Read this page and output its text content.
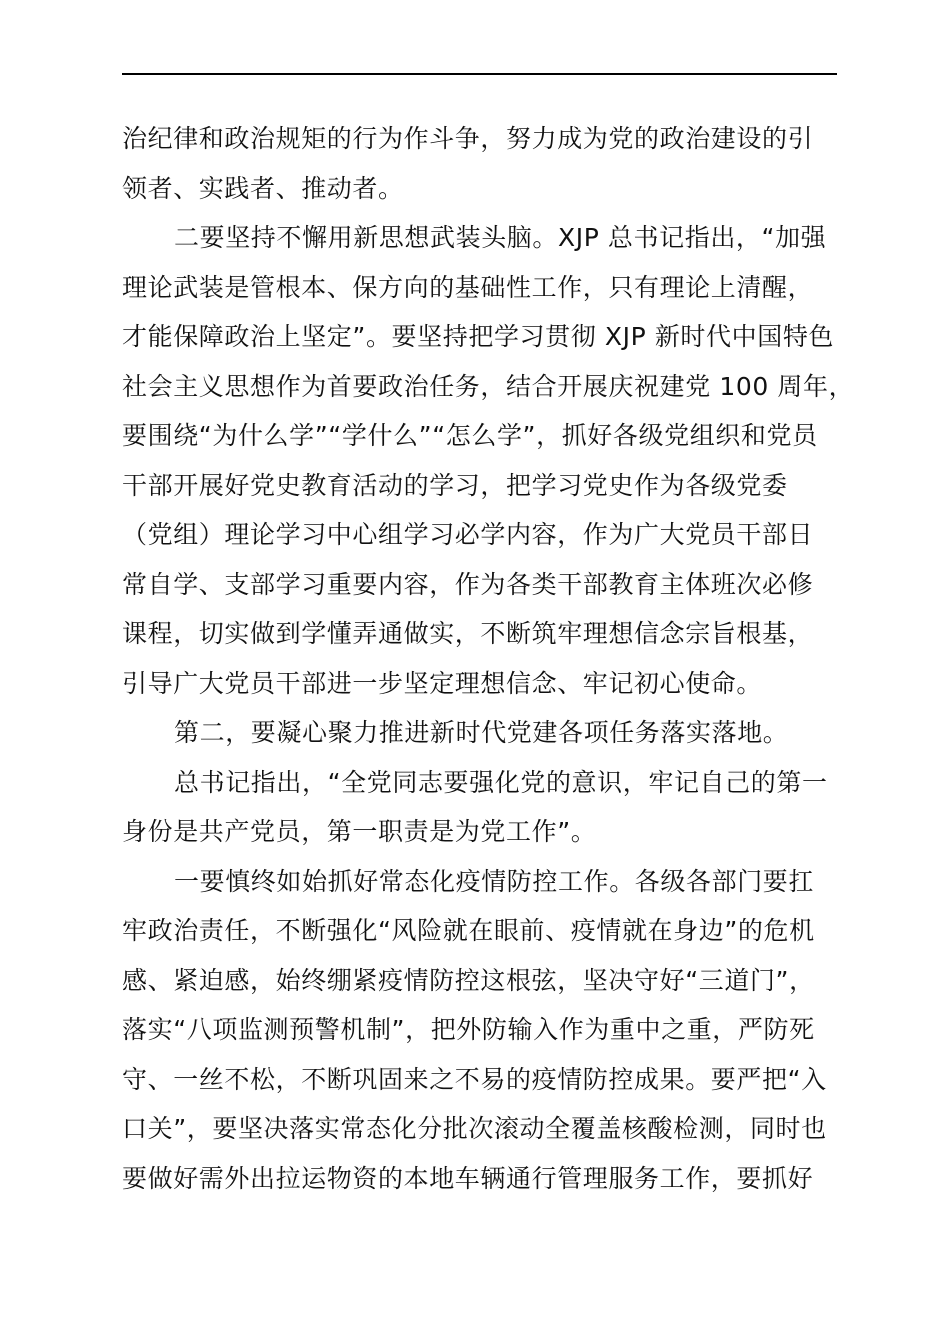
治纪律和政治规矩的行为作斗争，努力成为党的政治建设的引
领者、实践者、推动者。
二要坚持不懈用新思想武装头脑。XJP 总书记指出，“加强
理论武装是管根本、保方向的基础性工作，只有理论上清醒，
才能保障政治上坚定”。要坚持把学习贯彻 XJP 新时代中国特色
社会主义思想作为首要政治任务，结合开展庆祝建党 100 周年，
要围绕“为什么学”“学什么”“怎么学”，抓好各级党组织和党员
干部开展好党史教育活动的学习，把学习党史作为各级党委
（党组）理论学习中心组学习必学内容，作为广大党员干部日
常自学、支部学习重要内容，作为各类干部教育主体班次必修
课程，切实做到学懂弄通做实，不断筑牢理想信念宗旨根基，
引导广大党员干部进一步坚定理想信念、牢记初心使命。
第二，要凝心聚力推进新时代党建各项任务落实落地。
总书记指出，“全党同志要强化党的意识，牢记自己的第一
身份是共产党员，第一职责是为党工作”。
一要慎终如始抓好常态化疫情防控工作。各级各部门要扛
牢政治责任，不断强化“风险就在眼前、疫情就在身边”的危机
感、紧迫感，始终绷紧疫情防控这根弦，坚决守好“三道门”，
落实“八项监测预警机制”，把外防输入作为重中之重，严防死
守、一丝不松，不断巩固来之不易的疫情防控成果。要严把“入
口关”，要坚决落实常态化分批次滚动全覆盖核酸检测，同时也
要做好需外出拉运物资的本地车辆通行管理服务工作，要抓好
